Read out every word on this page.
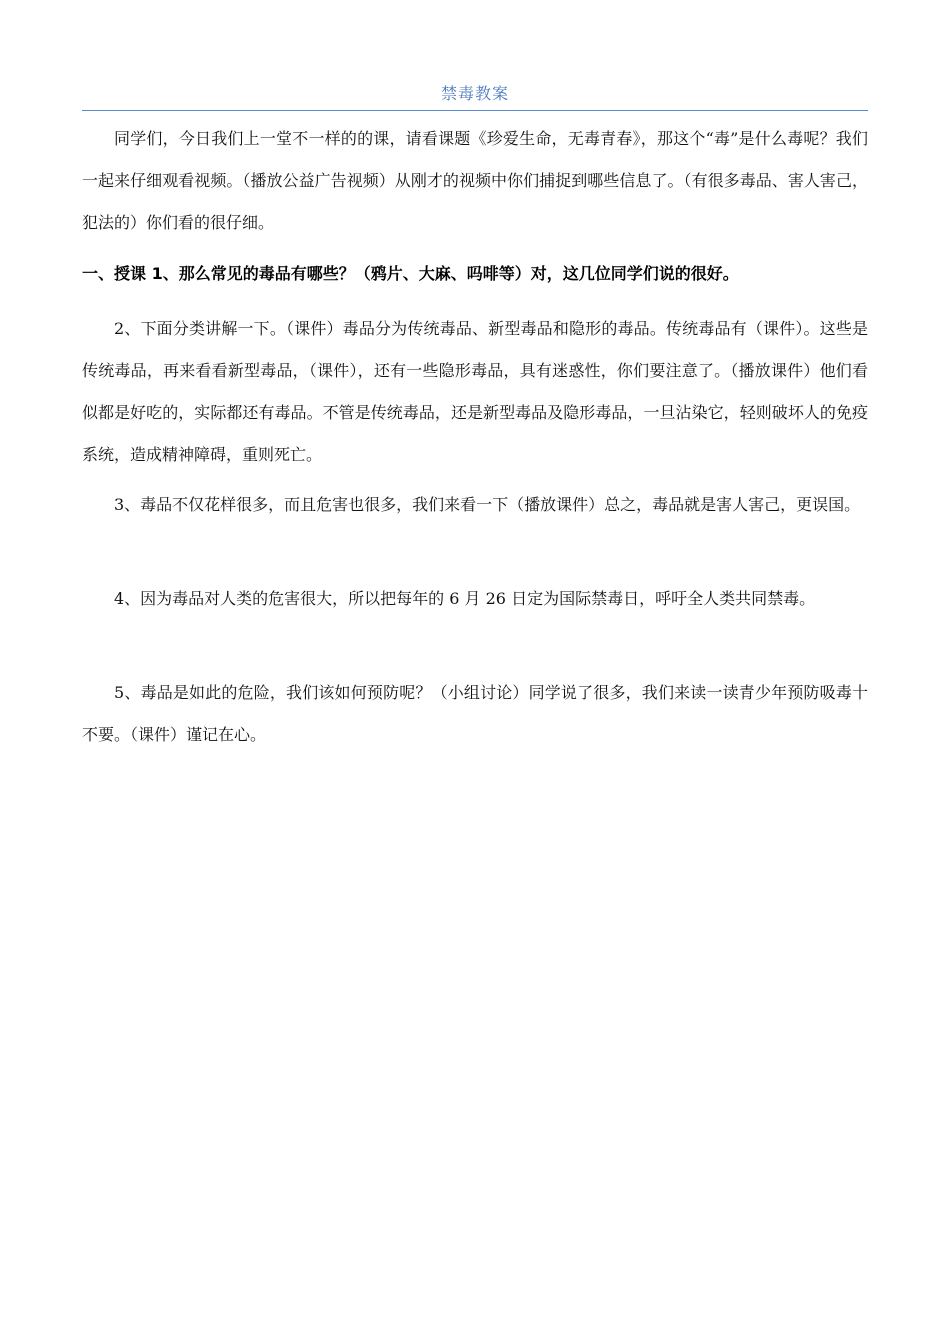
禁毒教案

同学们，今日我们上一堂不一样的的课，请看课题《珍爱生命，无毒青春》，那这个“毒”是什么毒呢？我们一起来仔细观看视频。（播放公益广告视频）从刚才的视频中你们捕捉到哪些信息了。（有很多毒品、害人害己，犯法的）你们看的很仔细。

一、授课 1、那么常见的毒品有哪些？（鸦片、大麻、吗啡等）对，这几位同学们说的很好。

2、下面分类讲解一下。（课件）毒品分为传统毒品、新型毒品和隐形的毒品。传统毒品有（课件）。这些是传统毒品，再来看看新型毒品，（课件），还有一些隐形毒品，具有迷惑性，你们要注意了。（播放课件）他们看似都是好吃的，实际都还有毒品。不管是传统毒品，还是新型毒品及隐形毒品，一旦沾染它，轻则破坏人的免疫系统，造成精神障碍，重则死亡。

3、毒品不仅花样很多，而且危害也很多，我们来看一下（播放课件）总之，毒品就是害人害己，更误国。

4、因为毒品对人类的危害很大，所以把每年的 6 月 26 日定为国际禁毒日，呼吁全人类共同禁毒。

5、毒品是如此的危险，我们该如何预防呢？（小组讨论）同学说了很多，我们来读一读青少年预防吸毒十不要。（课件）谨记在心。
